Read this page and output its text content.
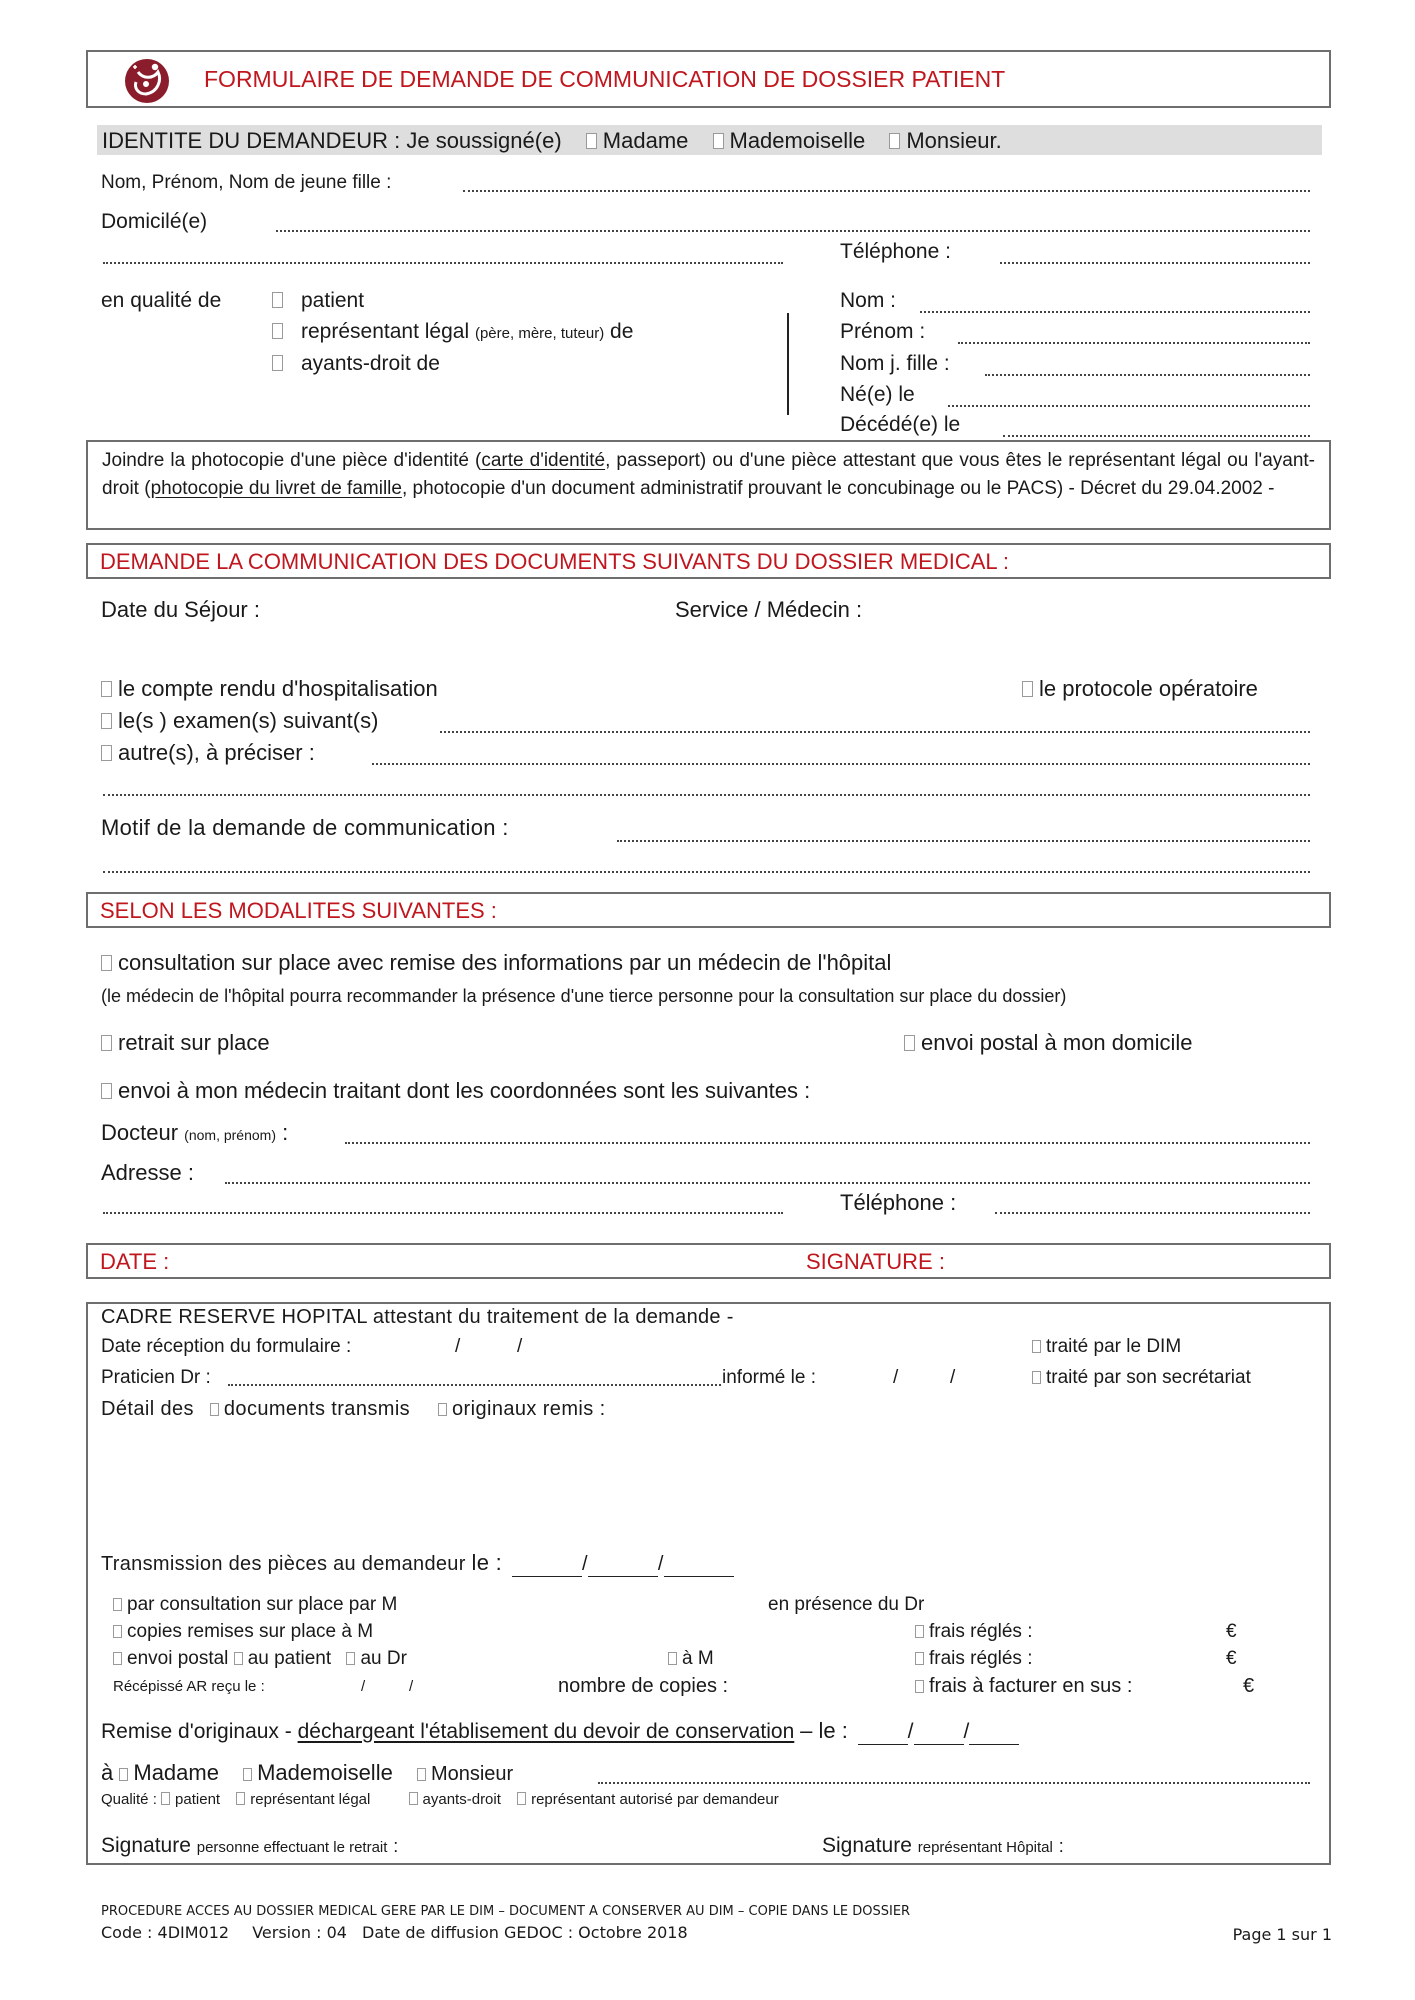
FORMULAIRE DE DEMANDE DE COMMUNICATION DE DOSSIER PATIENT
IDENTITE DU DEMANDEUR : Je soussigné(e) Madame Mademoiselle Monsieur.
Nom, Prénom, Nom de jeune fille :
Domicilé(e)
Téléphone :
en qualité de	patient
représentant légal (père, mère, tuteur) de
ayants-droit de
Nom :
Prénom :
Nom j. fille :
Né(e) le
Décédé(e) le
Joindre la photocopie d'une pièce d'identité (carte d'identité, passeport) ou d'une pièce attestant que vous êtes le représentant légal ou l'ayant-droit (photocopie du livret de famille, photocopie d'un document administratif prouvant le concubinage ou le PACS) - Décret du 29.04.2002 -
DEMANDE LA COMMUNICATION DES DOCUMENTS SUIVANTS DU DOSSIER MEDICAL :
Date du Séjour :	Service / Médecin :
le compte rendu d'hospitalisation	le protocole opératoire
le(s ) examen(s) suivant(s)
autre(s), à préciser :
Motif de la demande de communication :
SELON LES MODALITES SUIVANTES :
consultation sur place avec remise des informations par un médecin de l'hôpital
(le médecin de l'hôpital pourra recommander la présence d'une tierce personne pour la consultation sur place du dossier)
retrait sur place	envoi postal à mon domicile
envoi à mon médecin traitant dont les coordonnées sont les suivantes :
Docteur (nom, prénom) :
Adresse :
Téléphone :
DATE :	SIGNATURE :
CADRE RESERVE HOPITAL attestant du traitement de la demande -
Date réception du formulaire :	/	/	traité par le DIM
Praticien Dr :	informé le :	/	/	traité par son secrétariat
Détail des documents transmis originaux remis :
Transmission des pièces au demandeur le :	/	/
par consultation sur place par M	en présence du Dr
copies remises sur place à M	frais réglés :	€
envoi postal au patient au Dr	à M	frais réglés :	€
Récépissé AR reçu le :	/	/	nombre de copies :	frais à facturer en sus :	€
Remise d'originaux - déchargeant l'établisement du devoir de conservation – le :	/ /
à Madame Mademoiselle Monsieur
Qualité : patient représentant légal	ayants-droit représentant autorisé par demandeur
Signature personne effectuant le retrait :	Signature représentant Hôpital :
PROCEDURE ACCES AU DOSSIER MEDICAL GERE PAR LE DIM – DOCUMENT A CONSERVER AU DIM – COPIE DANS LE DOSSIER
Code : 4DIM012 Version : 04 Date de diffusion GEDOC : Octobre 2018	Page 1 sur 1
